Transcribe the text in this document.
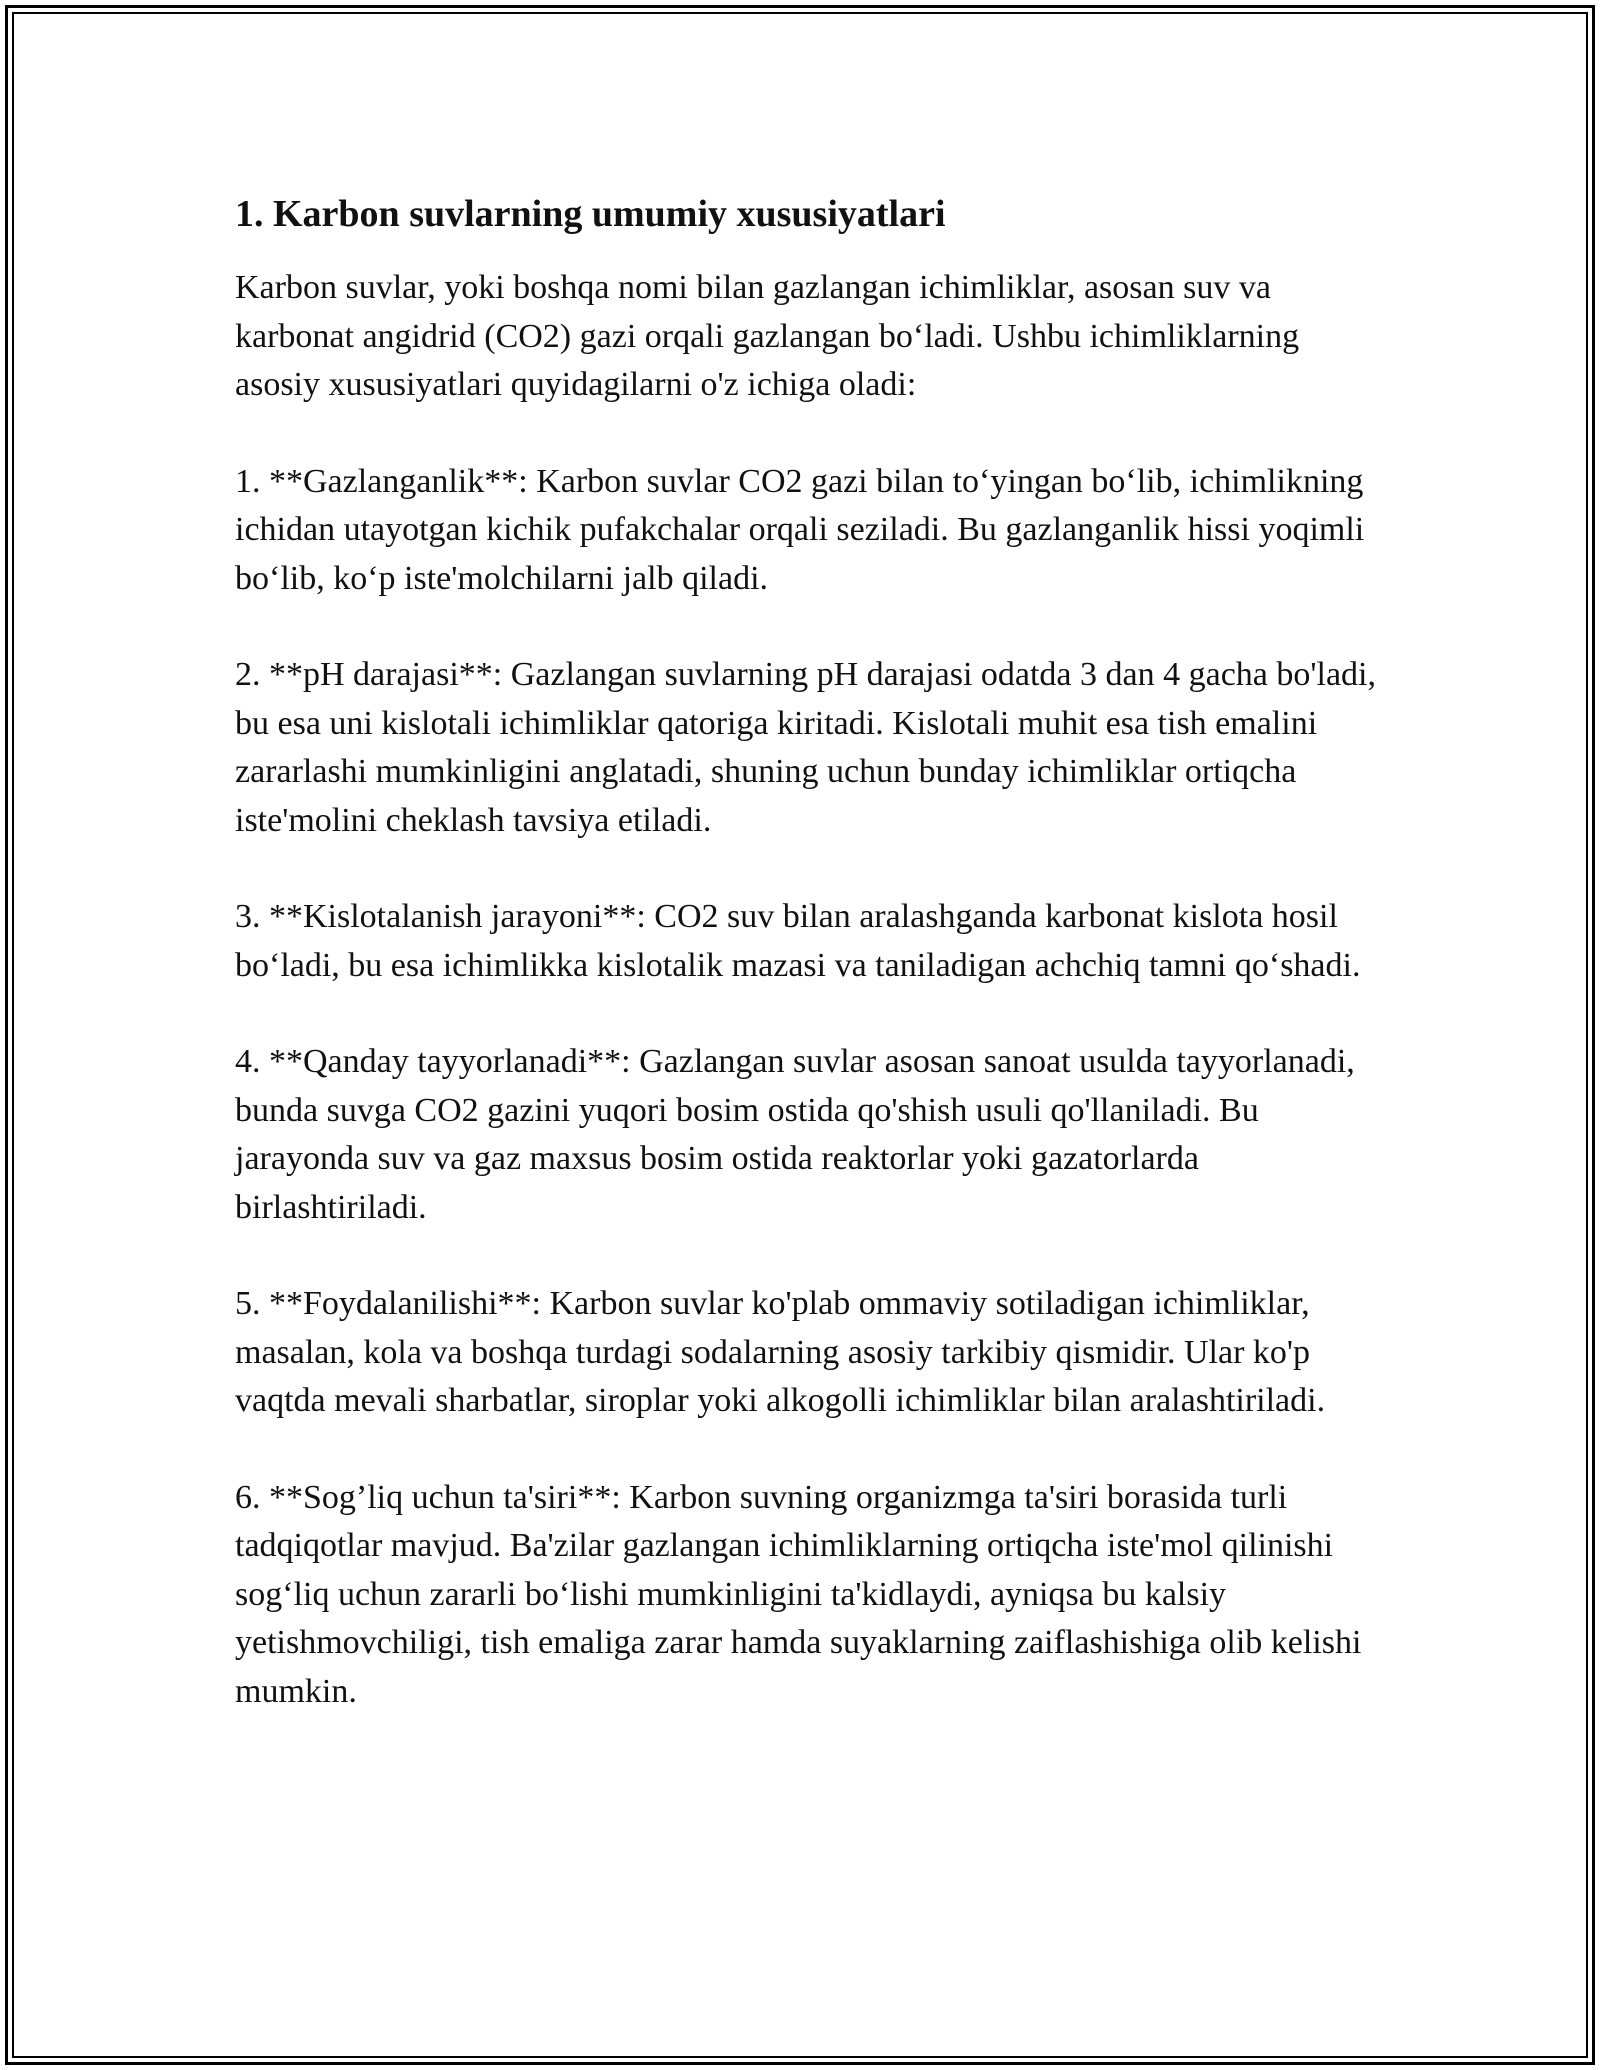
1. Karbon suvlarning umumiy xususiyatlari

Karbon suvlar, yoki boshqa nomi bilan gazlangan ichimliklar, asosan suv va karbonat angidrid (CO2) gazi orqali gazlangan bo‘ladi. Ushbu ichimliklarning asosiy xususiyatlari quyidagilarni o'z ichiga oladi:

1. **Gazlanganlik**: Karbon suvlar CO2 gazi bilan to‘yingan bo‘lib, ichimlikning ichidan utayotgan kichik pufakchalar orqali seziladi. Bu gazlanganlik hissi yoqimli bo‘lib, ko‘p iste'molchilarni jalb qiladi.

2. **pH darajasi**: Gazlangan suvlarning pH darajasi odatda 3 dan 4 gacha bo'ladi, bu esa uni kislotali ichimliklar qatoriga kiritadi. Kislotali muhit esa tish emalini zararlashi mumkinligini anglatadi, shuning uchun bunday ichimliklar ortiqcha iste'molini cheklash tavsiya etiladi.

3. **Kislotalanish jarayoni**: CO2 suv bilan aralashganda karbonat kislota hosil bo‘ladi, bu esa ichimlikka kislotalik mazasi va taniladigan achchiq tamni qo‘shadi.

4. **Qanday tayyorlanadi**: Gazlangan suvlar asosan sanoat usulda tayyorlanadi, bunda suvga CO2 gazini yuqori bosim ostida qo'shish usuli qo'llaniladi. Bu jarayonda suv va gaz maxsus bosim ostida reaktorlar yoki gazatorlarda birlashtiriladi.

5. **Foydalanilishi**: Karbon suvlar ko'plab ommaviy sotiladigan ichimliklar, masalan, kola va boshqa turdagi sodalarning asosiy tarkibiy qismidir. Ular ko'p vaqtda mevali sharbatlar, siroplar yoki alkogolli ichimliklar bilan aralashtiriladi.

6. **Sog’liq uchun ta'siri**: Karbon suvning organizmga ta'siri borasida turli tadqiqotlar mavjud. Ba'zilar gazlangan ichimliklarning ortiqcha iste'mol qilinishi sog‘liq uchun zararli bo‘lishi mumkinligini ta'kidlaydi, ayniqsa bu kalsiy yetishmovchiligi, tish emaliga zarar hamda suyaklarning zaiflashishiga olib kelishi mumkin.
